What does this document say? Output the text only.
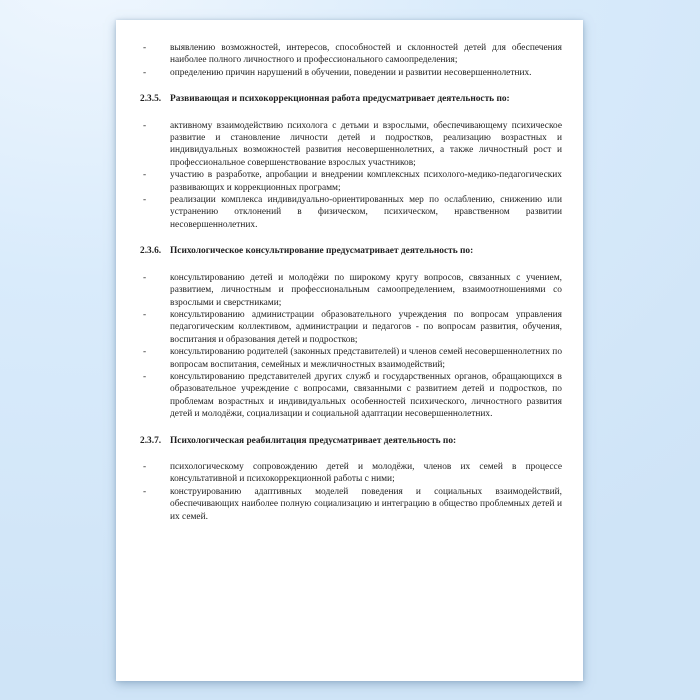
-	выявлению возможностей, интересов, способностей и склонностей детей для обеспечения наиболее полного личностного и профессионального самоопределения;
-	определению причин нарушений в обучении, поведении и развитии несовершеннолетних.
2.3.5. Развивающая и психокоррекционная работа предусматривает деятельность по:
-	активному взаимодействию психолога с детьми и взрослыми, обеспечивающему психическое развитие и становление личности детей и подростков, реализацию возрастных и индивидуальных возможностей развития несовершеннолетних, а также личностный рост и профессиональное совершенствование взрослых участников;
-	участию в разработке, апробации и внедрении комплексных психолого-медико-педагогических развивающих и коррекционных программ;
-	реализации комплекса индивидуально-ориентированных мер по ослаблению, снижению или устранению отклонений в физическом, психическом, нравственном развитии несовершеннолетних.
2.3.6. Психологическое консультирование предусматривает деятельность по:
-	консультированию детей и молодёжи по широкому кругу вопросов, связанных с учением, развитием, личностным и профессиональным самоопределением, взаимоотношениями со взрослыми и сверстниками;
-	консультированию администрации образовательного учреждения по вопросам управления педагогическим коллективом, администрации и педагогов - по вопросам развития, обучения, воспитания и образования детей и подростков;
-	консультированию родителей (законных представителей) и членов семей несовершеннолетних по вопросам воспитания, семейных и межличностных взаимодействий;
-	консультированию представителей других служб и государственных органов, обращающихся в образовательное учреждение с вопросами, связанными с развитием детей и подростков, по проблемам возрастных и индивидуальных особенностей психического, личностного развития детей и молодёжи, социализации и социальной адаптации несовершеннолетних.
2.3.7. Психологическая реабилитация предусматривает деятельность по:
-	психологическому сопровождению детей и молодёжи, членов их семей в процессе консультативной и психокоррекционной работы с ними;
-	конструированию адаптивных моделей поведения и социальных взаимодействий, обеспечивающих наиболее полную социализацию и интеграцию в общество проблемных детей и их семей.
